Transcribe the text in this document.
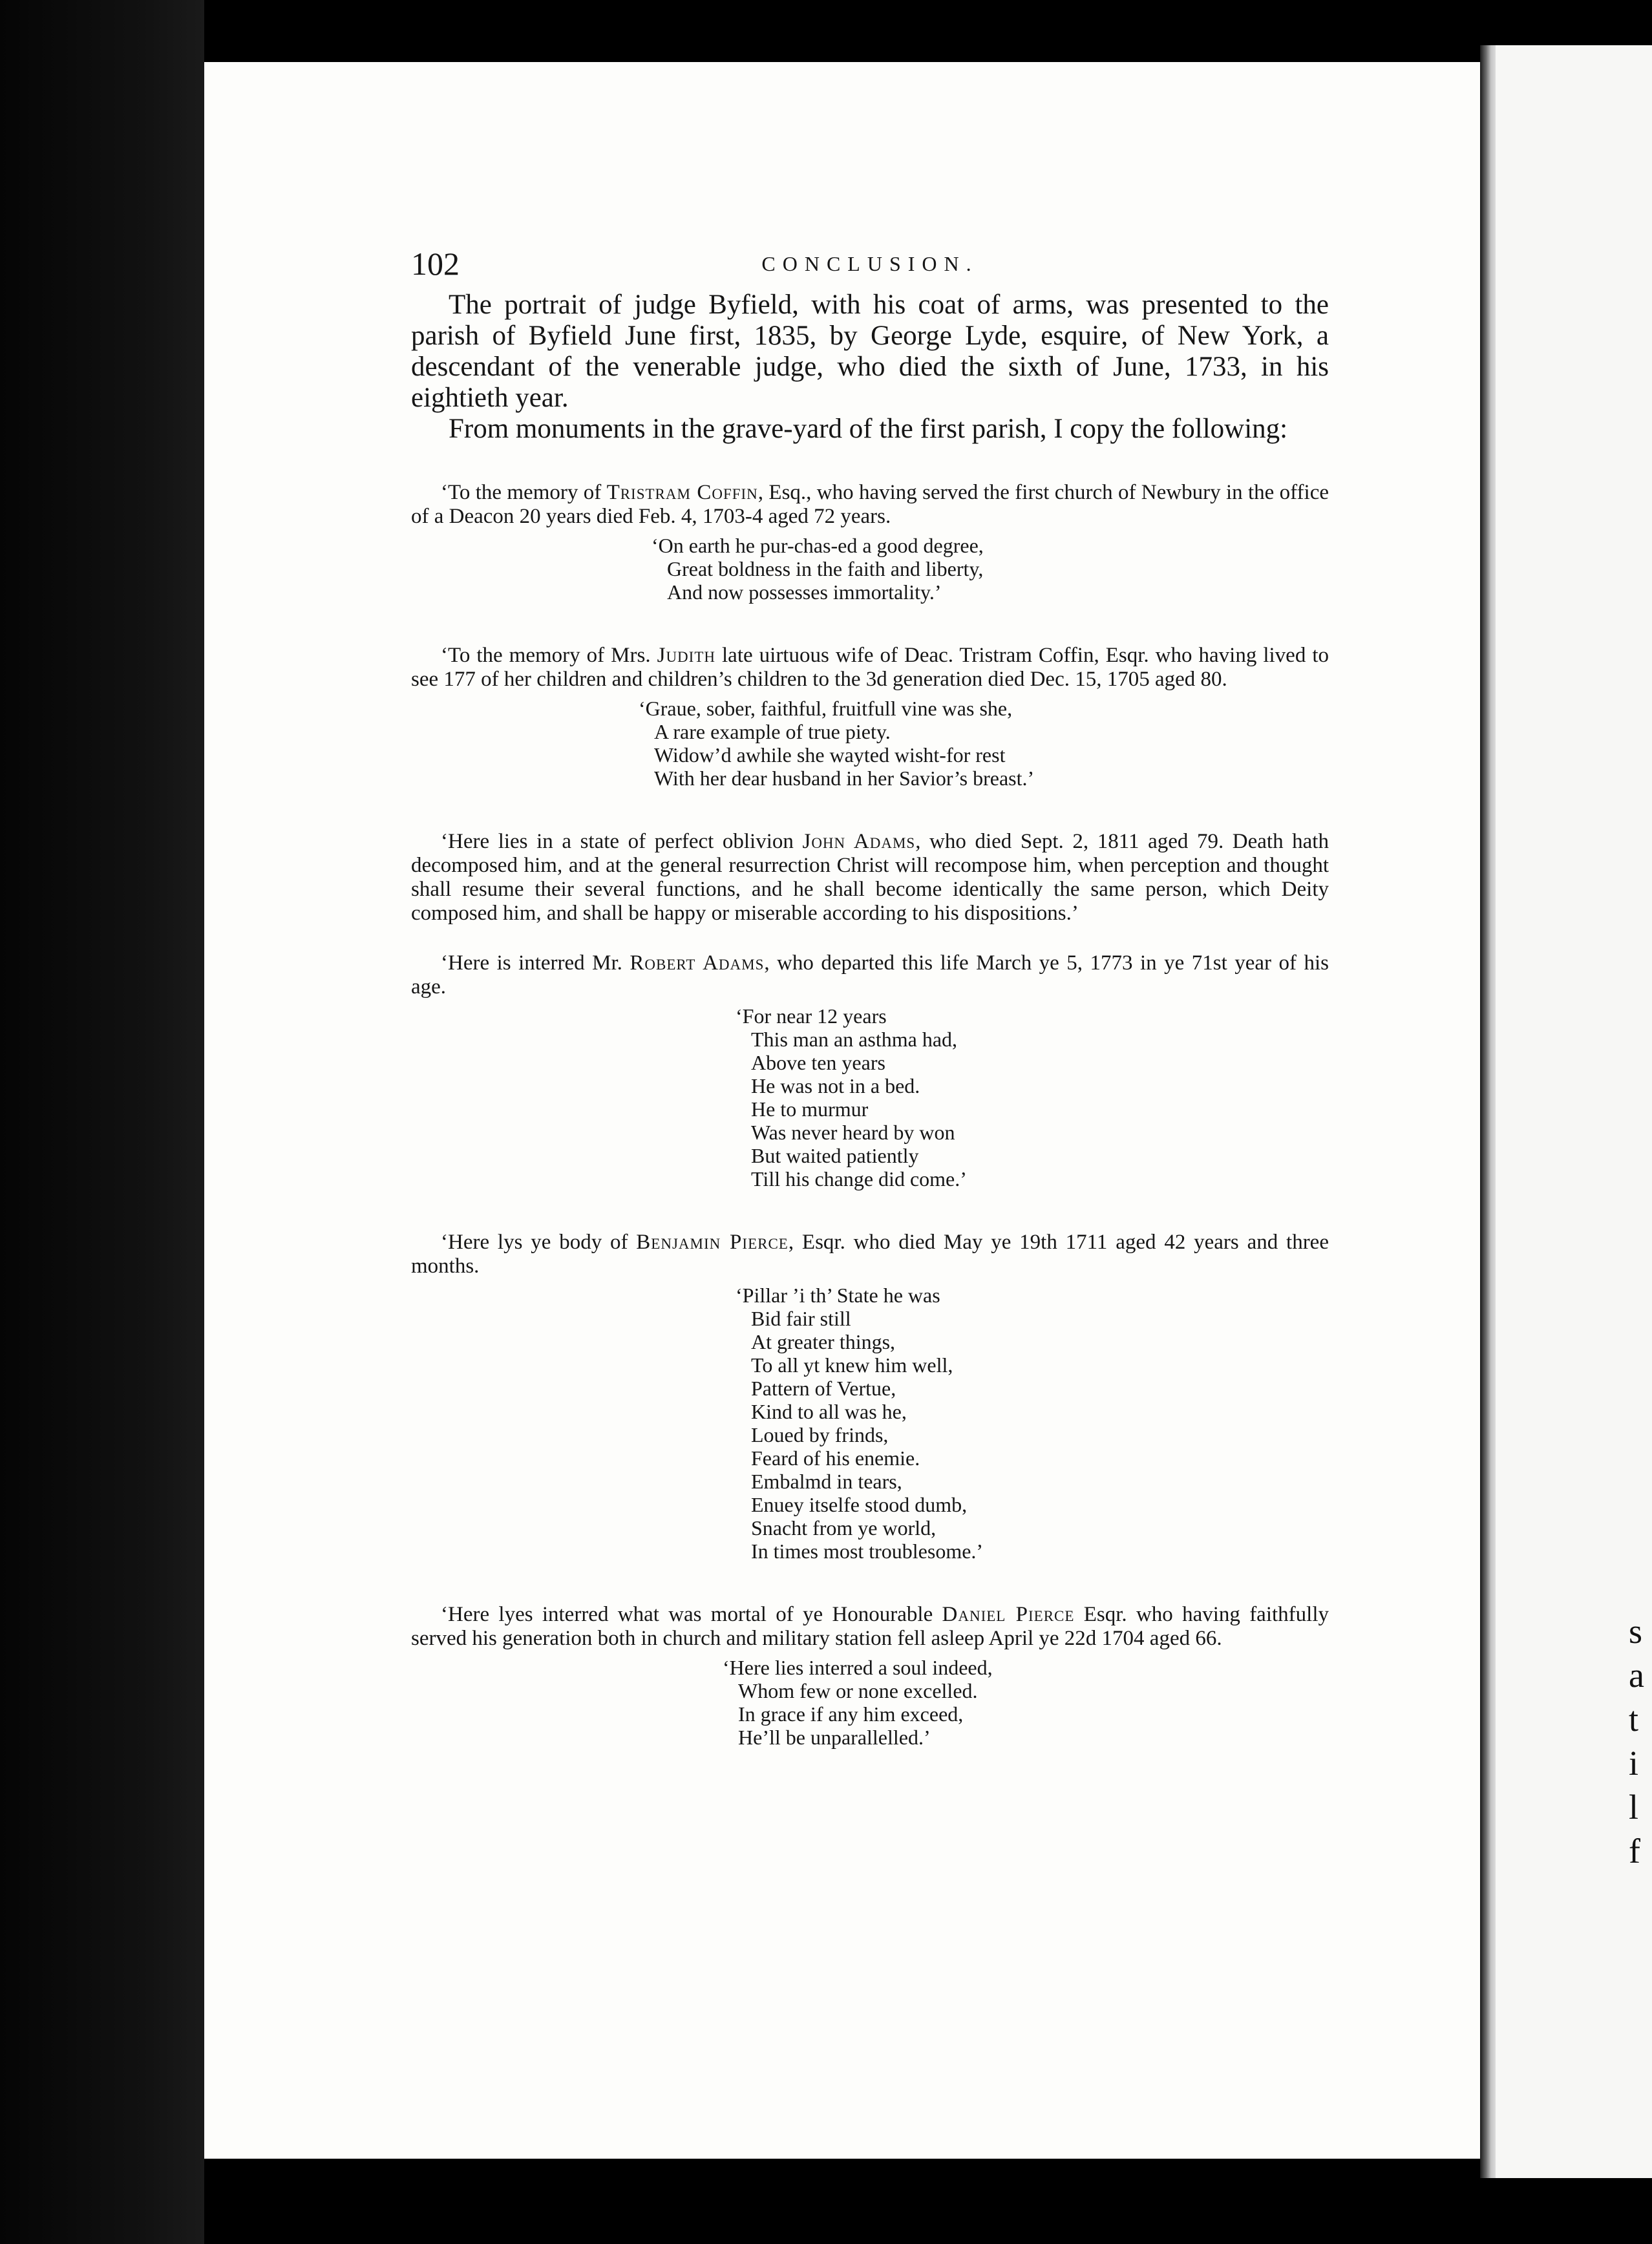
s
a
t
i
l
f
102	CONCLUSION.

The portrait of judge Byfield, with his coat of arms, was presented to the parish of Byfield June first, 1835, by George Lyde, esquire, of New York, a descendant of the venerable judge, who died the sixth of June, 1733, in his eightieth year.

From monuments in the grave-yard of the first parish, I copy the following:

‘To the memory of Tristram Coffin, Esq., who having served the first church of Newbury in the office of a Deacon 20 years died Feb. 4, 1703-4 aged 72 years.

‘On earth he pur-chas-ed a good degree,
Great boldness in the faith and liberty,
And now possesses immortality.’

‘To the memory of Mrs. Judith late uirtuous wife of Deac. Tristram Coffin, Esqr. who having lived to see 177 of her children and children’s children to the 3d generation died Dec. 15, 1705 aged 80.

‘Graue, sober, faithful, fruitfull vine was she,
A rare example of true piety.
Widow’d awhile she wayted wisht-for rest
With her dear husband in her Savior’s breast.’

‘Here lies in a state of perfect oblivion John Adams, who died Sept. 2, 1811 aged 79. Death hath decomposed him, and at the general resurrection Christ will recompose him, when perception and thought shall resume their several functions, and he shall become identically the same person, which Deity composed him, and shall be happy or miserable according to his dispositions.’

‘Here is interred Mr. Robert Adams, who departed this life March ye 5, 1773 in ye 71st year of his age.

‘For near 12 years
This man an asthma had,
Above ten years
He was not in a bed.
He to murmur
Was never heard by won
But waited patiently
Till his change did come.’

‘Here lys ye body of Benjamin Pierce, Esqr. who died May ye 19th 1711 aged 42 years and three months.

‘Pillar ’i th’ State he was
Bid fair still
At greater things,
To all yt knew him well,
Pattern of Vertue,
Kind to all was he,
Loued by frinds,
Feard of his enemie.
Embalmd in tears,
Enuey itselfe stood dumb,
Snacht from ye world,
In times most troublesome.’

‘Here lyes interred what was mortal of ye Honourable Daniel Pierce Esqr. who having faithfully served his generation both in church and military station fell asleep April ye 22d 1704 aged 66.

‘Here lies interred a soul indeed,
Whom few or none excelled.
In grace if any him exceed,
He’ll be unparallelled.’
